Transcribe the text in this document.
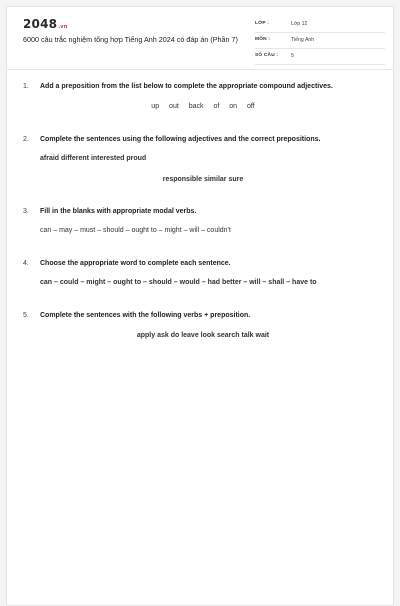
2048.vn
6000 câu trắc nghiệm tổng hợp Tiếng Anh 2024 có đáp án (Phần 7)
LỚP :	Lớp 12
MÔN :	Tiếng Anh
SỐ CÂU : 5
1. Add a preposition from the list below to complete the appropriate compound adjectives.
up out back of on off
2. Complete the sentences using the following adjectives and the correct prepositions.
afraid different interested proud
responsible similar sure
3. Fill in the blanks with appropriate modal verbs.
can – may – must – should – ought to – might – will – couldn't
4. Choose the appropriate word to complete each sentence.
can – could – might – ought to – should – would – had better – will – shall – have to
5. Complete the sentences with the following verbs + preposition.
apply ask do leave look search talk wait
